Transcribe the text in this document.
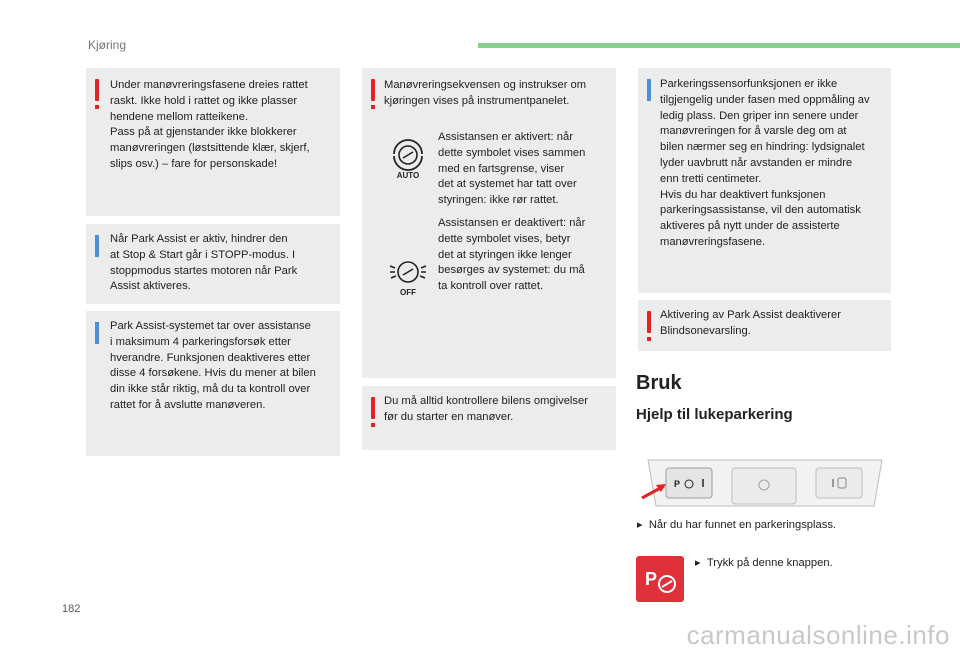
Kjøring
Under manøvreringsfasene dreies rattet
raskt. Ikke hold i rattet og ikke plasser
hendene mellom ratteikene.
Pass på at gjenstander ikke blokkerer
manøvreringen (løstsittende klær, skjerf,
slips osv.) – fare for personskade!
Når Park Assist er aktiv, hindrer den
at Stop & Start går i STOPP-modus. I
stoppmodus startes motoren når Park
Assist aktiveres.
Park Assist-systemet tar over assistanse
i maksimum 4 parkeringsforsøk etter
hverandre. Funksjonen deaktiveres etter
disse 4 forsøkene. Hvis du mener at bilen
din ikke står riktig, må du ta kontroll over
rattet for å avslutte manøveren.
Manøvreringsekvensen og instrukser om
kjøringen vises på instrumentpanelet.
AUTO
Assistansen er aktivert: når
dette symbolet vises sammen
med en fartsgrense, viser
det at systemet har tatt over
styringen: ikke rør rattet.
OFF
Assistansen er deaktivert: når
dette symbolet vises, betyr
det at styringen ikke lenger
besørges av systemet: du må
ta kontroll over rattet.
Du må alltid kontrollere bilens omgivelser
før du starter en manøver.
Parkeringssensorfunksjonen er ikke
tilgjengelig under fasen med oppmåling av
ledig plass. Den griper inn senere under
manøvreringen for å varsle deg om at
bilen nærmer seg en hindring: lydsignalet
lyder uavbrutt når avstanden er mindre
enn tretti centimeter.
Hvis du har deaktivert funksjonen
parkeringsassistanse, vil den automatisk
aktiveres på nytt under de assisterte
manøvreringsfasene.
Aktivering av Park Assist deaktiverer
Blindsonevarsling.
Bruk
Hjelp til lukeparkering
P
▸  Når du har funnet en parkeringsplass.
P
▸  Trykk på denne knappen.
182
carmanualsonline.info
